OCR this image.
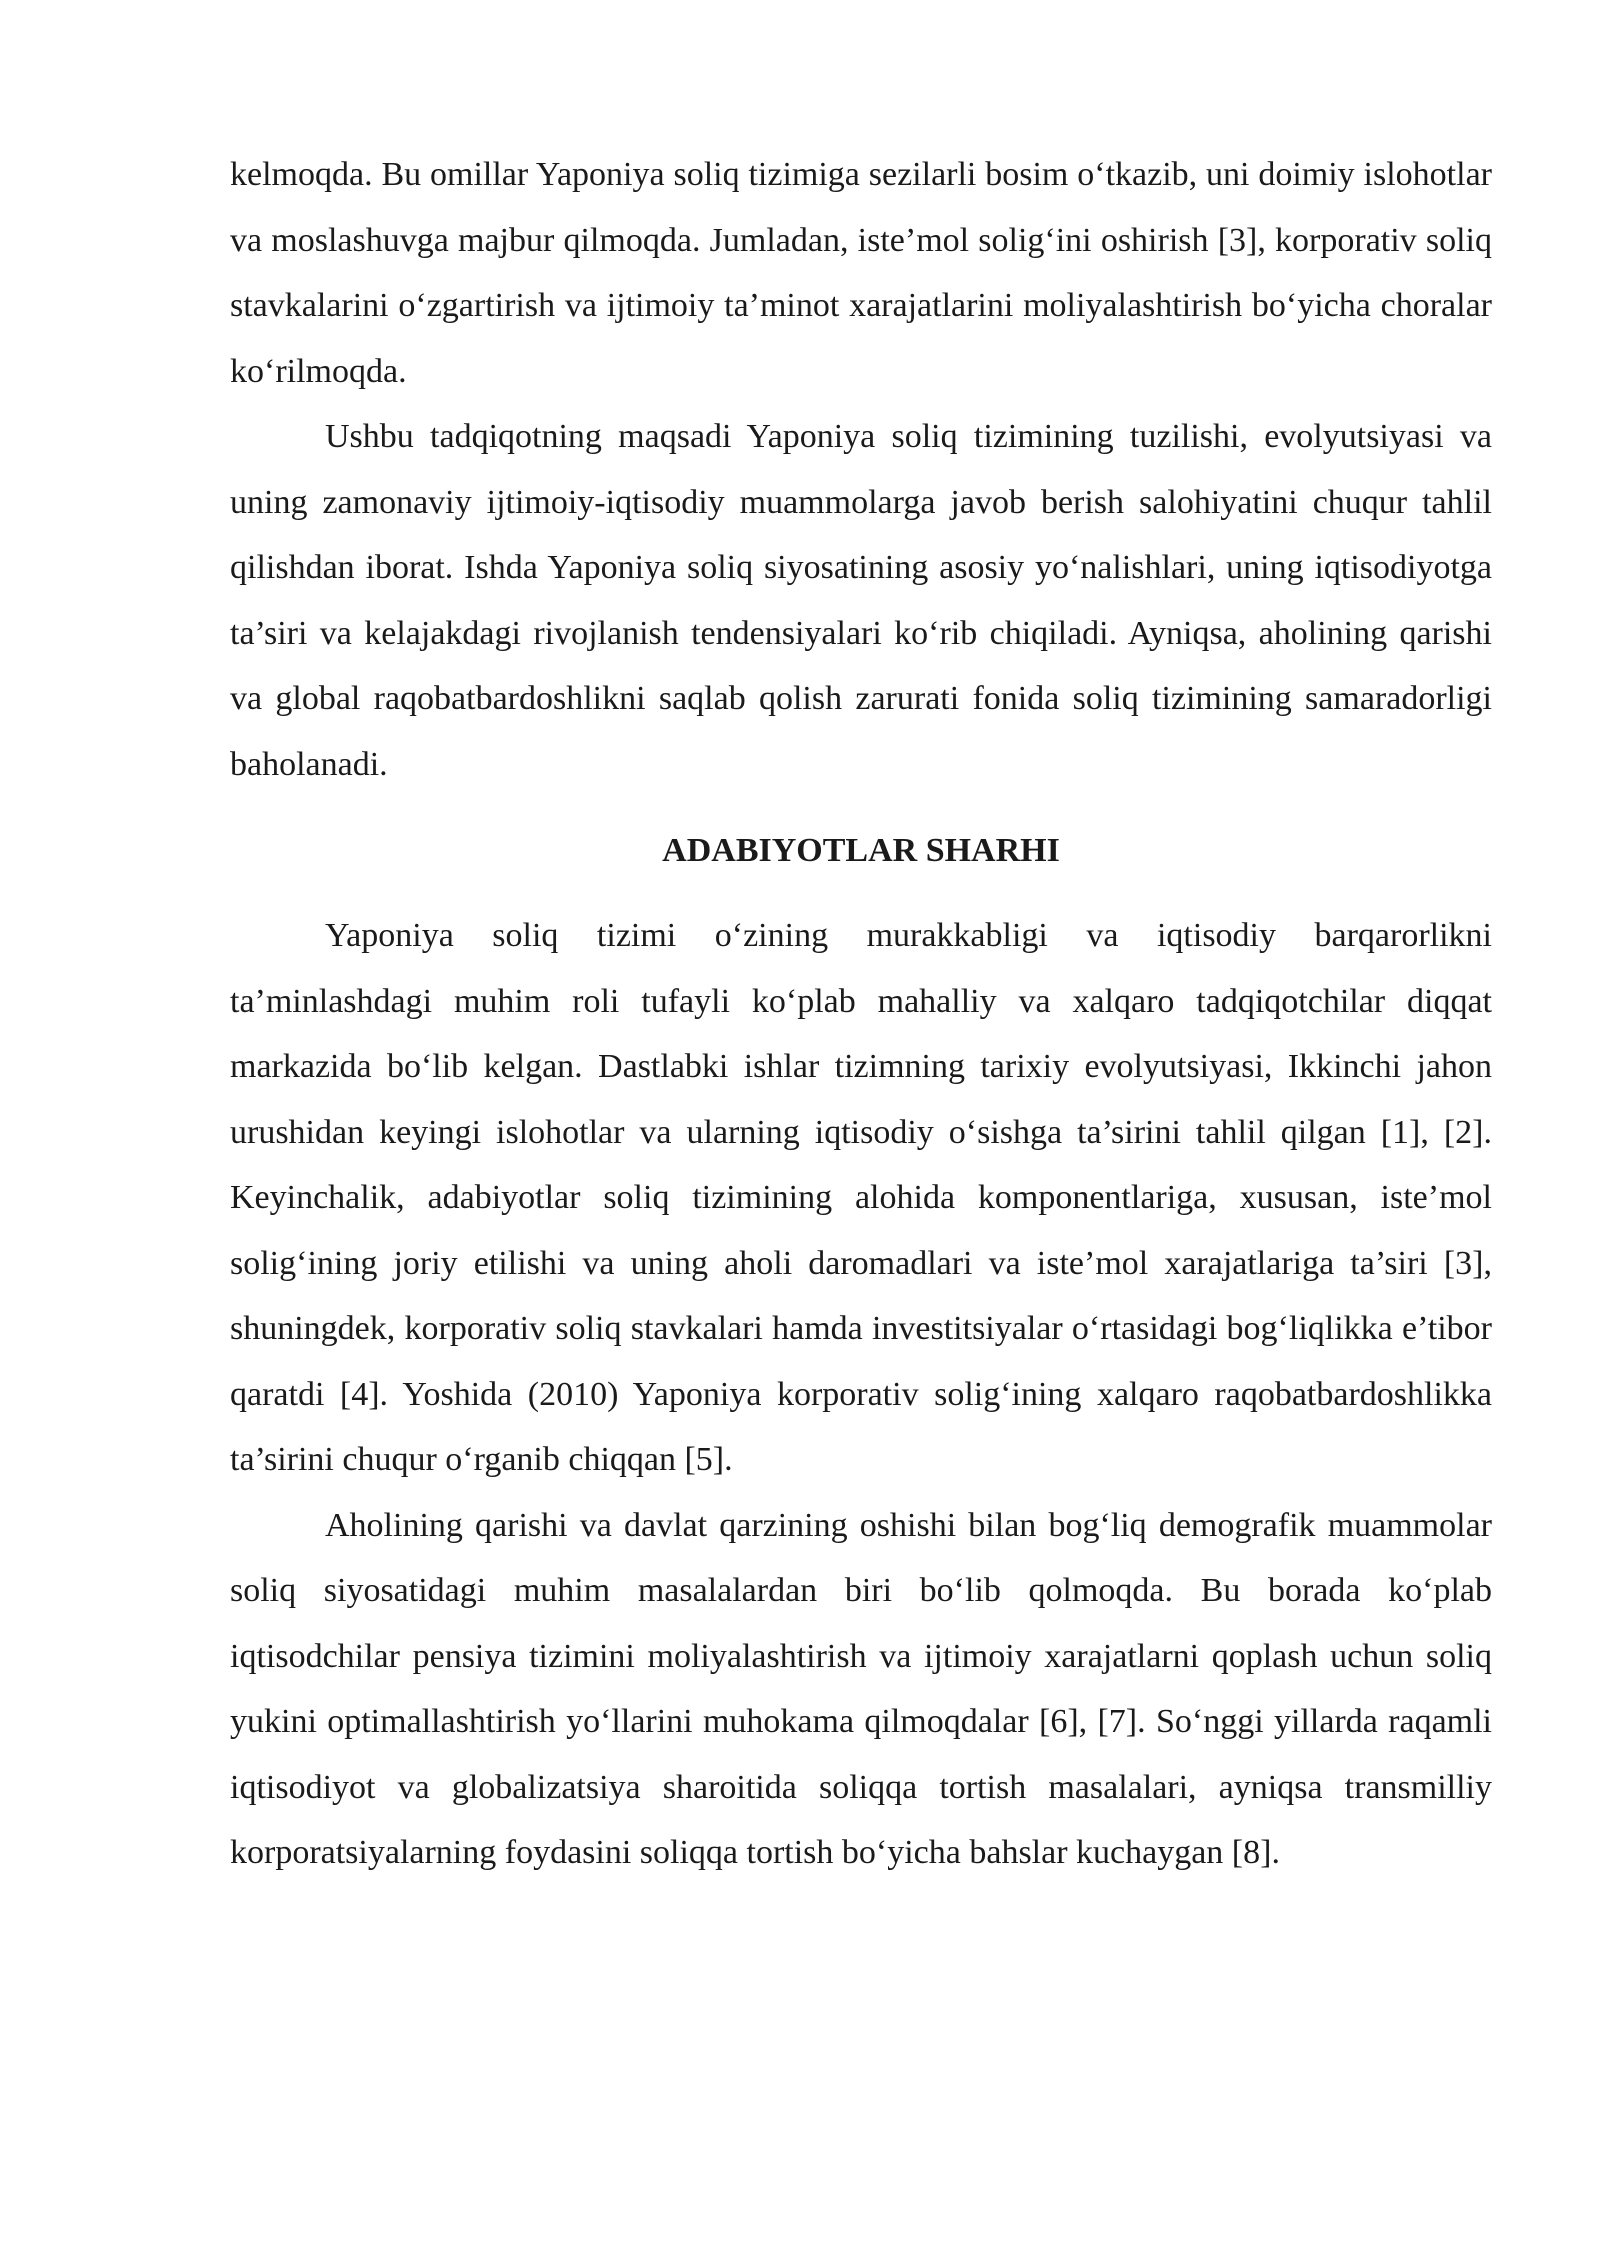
kelmoqda. Bu omillar Yaponiya soliq tizimiga sezilarli bosim o‘tkazib, uni doimiy islohotlar va moslashuvga majbur qilmoqda. Jumladan, iste’mol solig‘ini oshirish [3], korporativ soliq stavkalarini o‘zgartirish va ijtimoiy ta’minot xarajatlarini moliyalashtirish bo‘yicha choralar ko‘rilmoqda.

Ushbu tadqiqotning maqsadi Yaponiya soliq tizimining tuzilishi, evolyutsiyasi va uning zamonaviy ijtimoiy-iqtisodiy muammolarga javob berish salohiyatini chuqur tahlil qilishdan iborat. Ishda Yaponiya soliq siyosatining asosiy yo‘nalishlari, uning iqtisodiyotga ta’siri va kelajakdagi rivojlanish tendensiyalari ko‘rib chiqiladi. Ayniqsa, aholining qarishi va global raqobatbardoshlikni saqlab qolish zarurati fonida soliq tizimining samaradorligi baholanadi.

ADABIYOTLAR SHARHI

Yaponiya soliq tizimi o‘zining murakkabligi va iqtisodiy barqarorlikni ta’minlashdagi muhim roli tufayli ko‘plab mahalliy va xalqaro tadqiqotchilar diqqat markazida bo‘lib kelgan. Dastlabki ishlar tizimning tarixiy evolyutsiyasi, Ikkinchi jahon urushidan keyingi islohotlar va ularning iqtisodiy o‘sishga ta’sirini tahlil qilgan [1], [2]. Keyinchalik, adabiyotlar soliq tizimining alohida komponentlariga, xususan, iste’mol solig‘ining joriy etilishi va uning aholi daromadlari va iste’mol xarajatlariga ta’siri [3], shuningdek, korporativ soliq stavkalari hamda investitsiyalar o‘rtasidagi bog‘liqlikka e’tibor qaratdi [4]. Yoshida (2010) Yaponiya korporativ solig‘ining xalqaro raqobatbardoshlikka ta’sirini chuqur o‘rganib chiqqan [5].

Aholining qarishi va davlat qarzining oshishi bilan bog‘liq demografik muammolar soliq siyosatidagi muhim masalalardan biri bo‘lib qolmoqda. Bu borada ko‘plab iqtisodchilar pensiya tizimini moliyalashtirish va ijtimoiy xarajatlarni qoplash uchun soliq yukini optimallashtirish yo‘llarini muhokama qilmoqdalar [6], [7]. So‘nggi yillarda raqamli iqtisodiyot va globalizatsiya sharoitida soliqqa tortish masalalari, ayniqsa transmilliy korporatsiyalarning foydasini soliqqa tortish bo‘yicha bahslar kuchaygan [8].
